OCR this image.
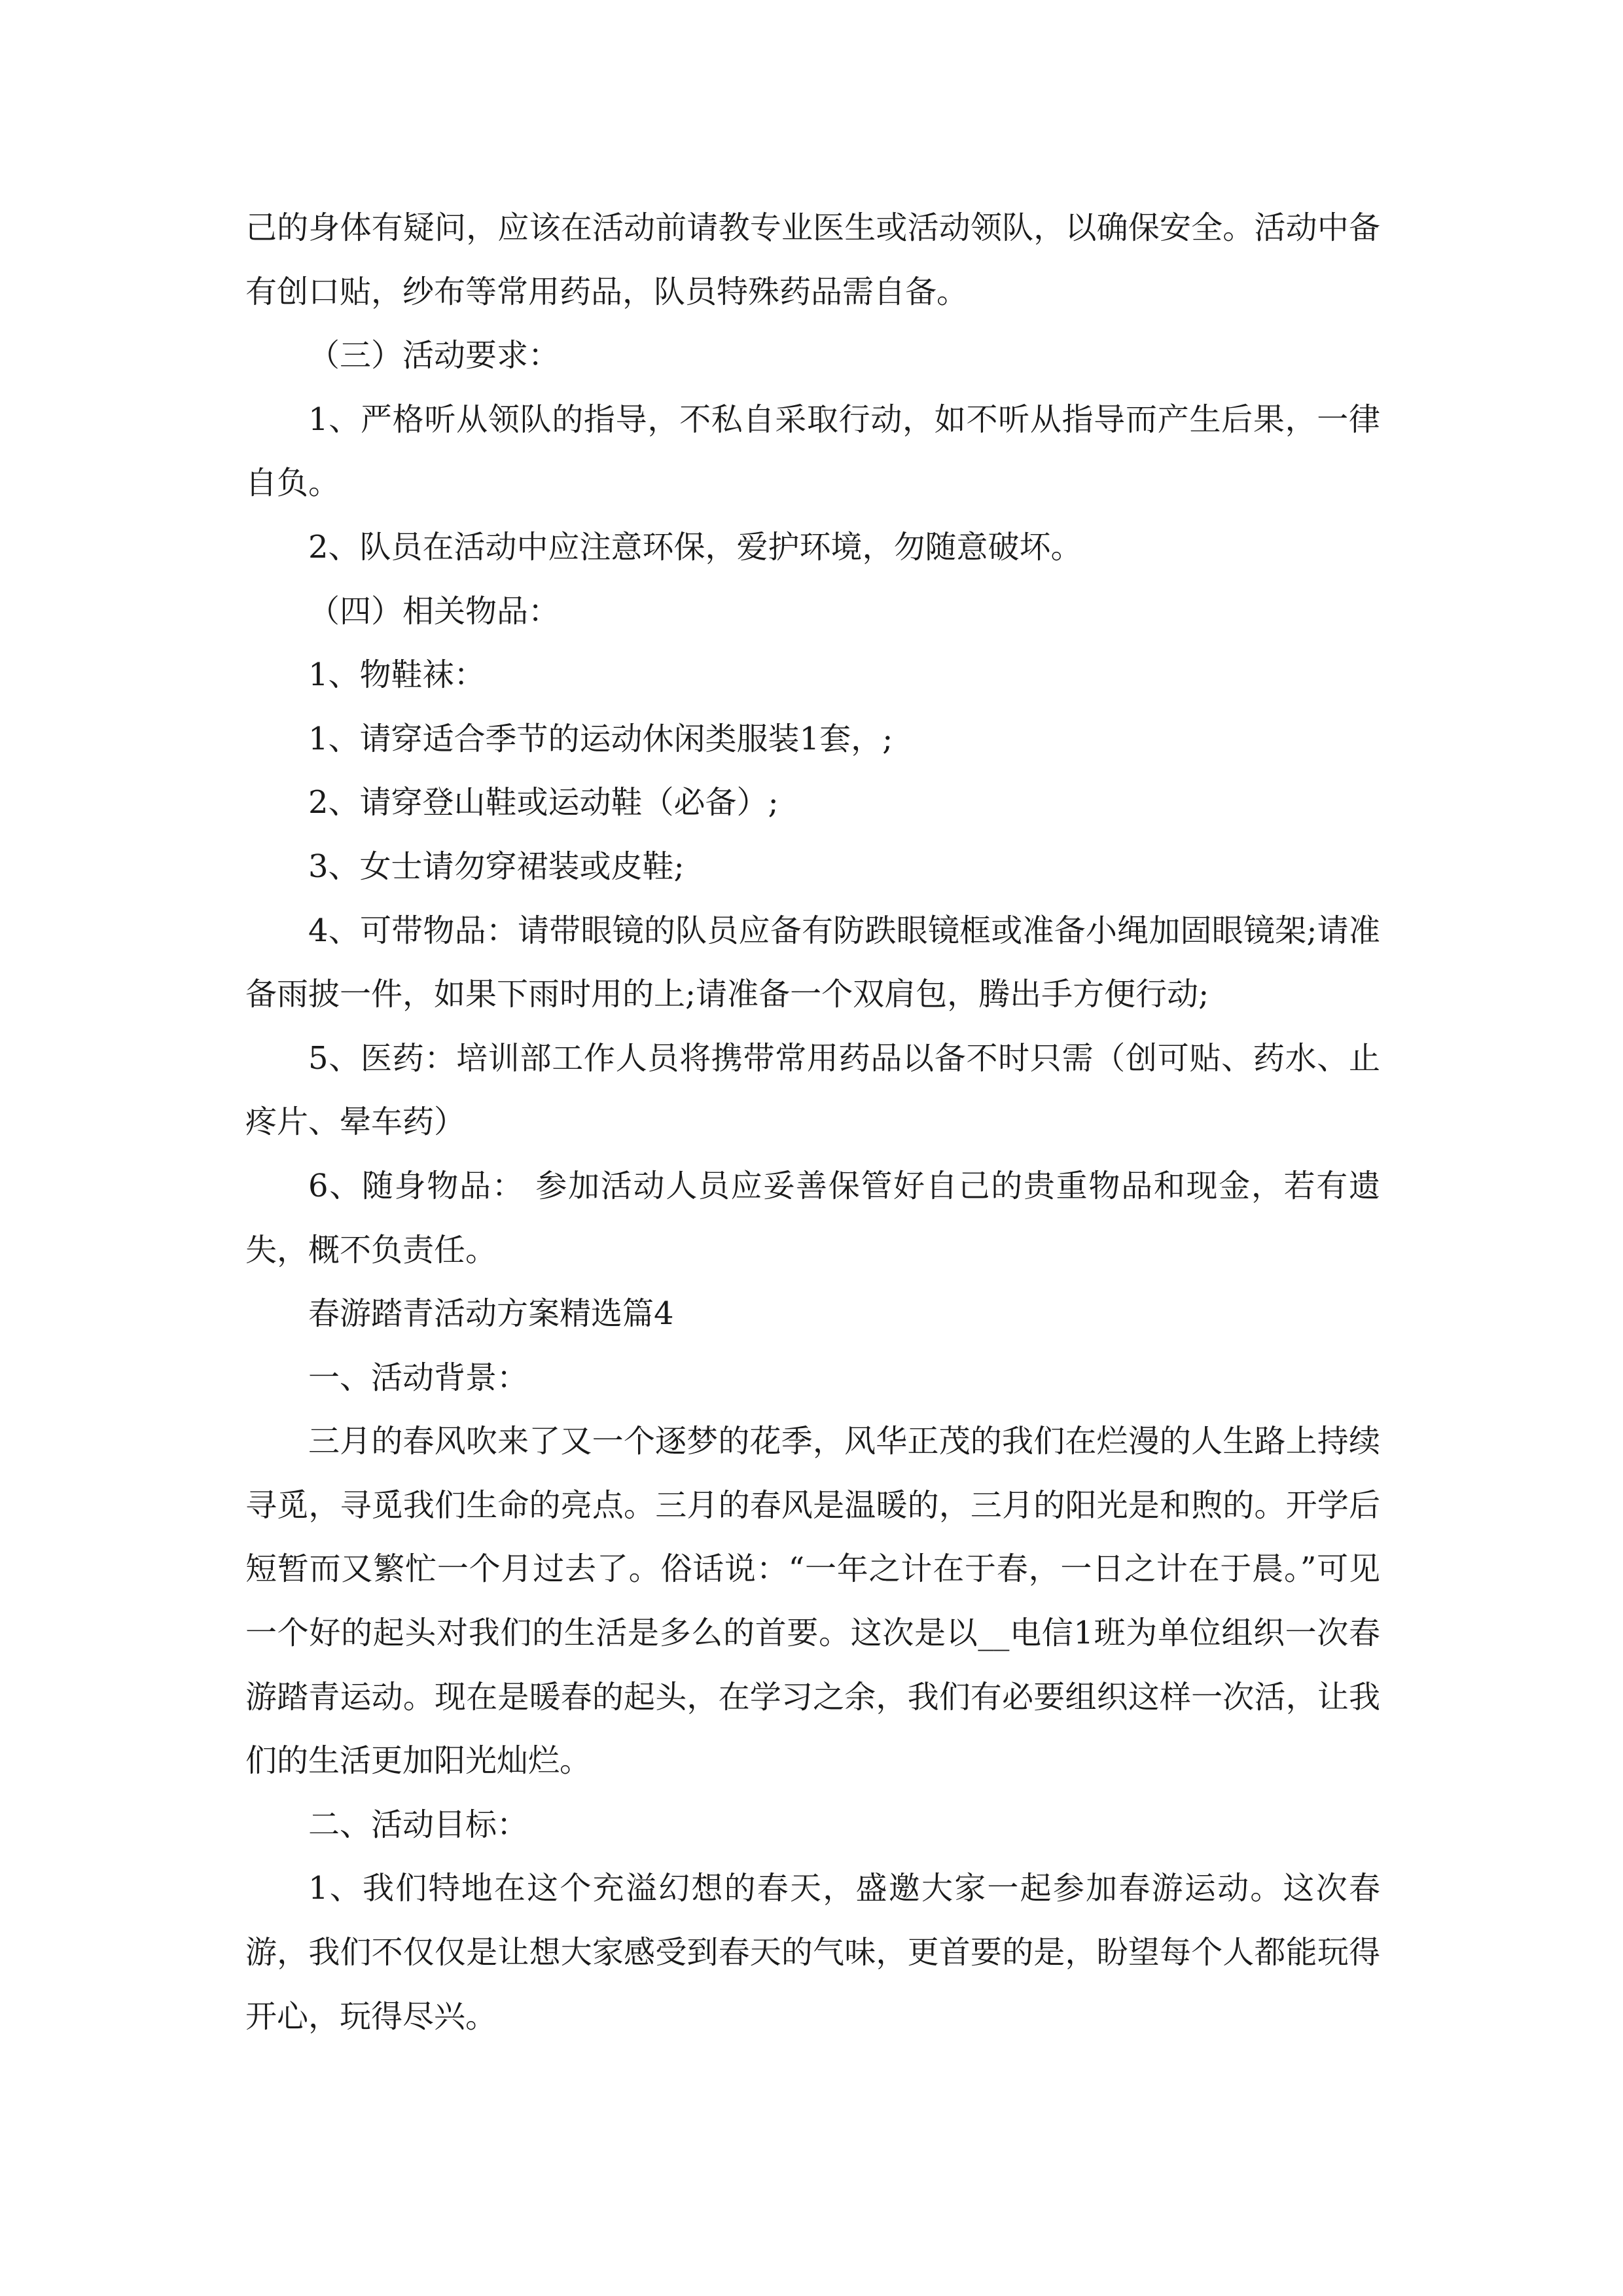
己的身体有疑问，应该在活动前请教专业医生或活动领队，以确保安全。活动中备有创口贴，纱布等常用药品，队员特殊药品需自备。

（三）活动要求：

1、严格听从领队的指导，不私自采取行动，如不听从指导而产生后果，一律自负。

2、队员在活动中应注意环保，爱护环境，勿随意破坏。

（四）相关物品：

1、物鞋袜：

1、请穿适合季节的运动休闲类服装1套，;

2、请穿登山鞋或运动鞋（必备）;

3、女士请勿穿裙装或皮鞋;

4、可带物品：请带眼镜的队员应备有防跌眼镜框或准备小绳加固眼镜架;请准备雨披一件，如果下雨时用的上;请准备一个双肩包，腾出手方便行动;

5、医药：培训部工作人员将携带常用药品以备不时只需（创可贴、药水、止疼片、晕车药）

6、随身物品： 参加活动人员应妥善保管好自己的贵重物品和现金，若有遗失，概不负责任。

春游踏青活动方案精选篇4

一、活动背景：

三月的春风吹来了又一个逐梦的花季，风华正茂的我们在烂漫的人生路上持续寻觅，寻觅我们生命的亮点。三月的春风是温暖的，三月的阳光是和煦的。开学后短暂而又繁忙一个月过去了。俗话说：“一年之计在于春，一日之计在于晨。”可见一个好的起头对我们的生活是多么的首要。这次是以__电信1班为单位组织一次春游踏青运动。现在是暖春的起头，在学习之余，我们有必要组织这样一次活，让我们的生活更加阳光灿烂。

二、活动目标：

1、我们特地在这个充溢幻想的春天，盛邀大家一起参加春游运动。这次春游，我们不仅仅是让想大家感受到春天的气味，更首要的是，盼望每个人都能玩得开心，玩得尽兴。
